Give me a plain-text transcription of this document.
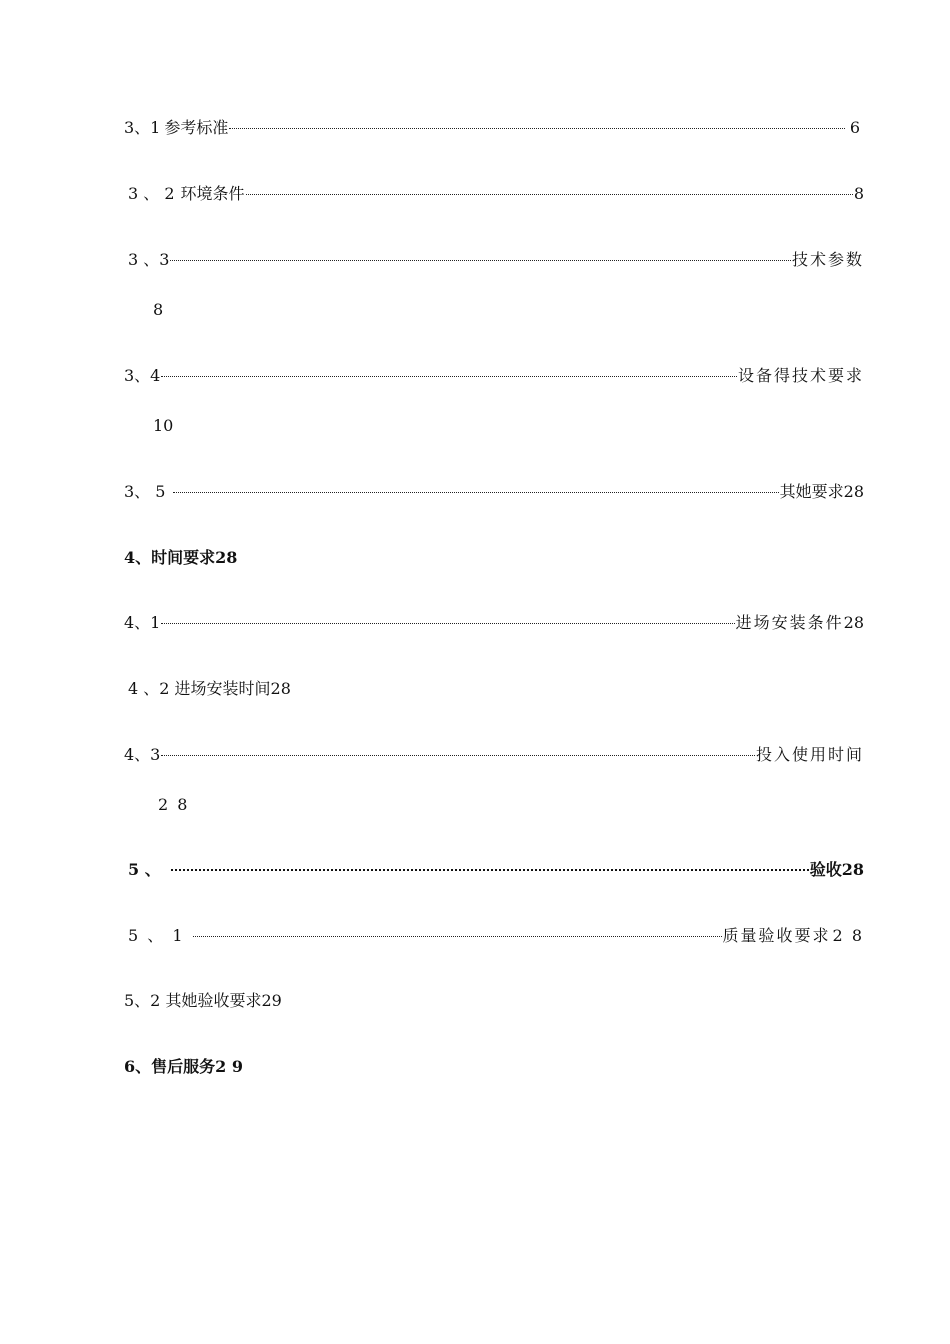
3、1 参考标准	6
3 、 2 环境条件	8
3 、3	技术参数
8
3、4	设备得技术要求
10
3、 5	其她要求 28
4、时间要求28
4、1	进场安装条件 28
4 、2 进场安装时间28
4、3	投入使用时间
2 8
5 、	验收 28
5 、 1	质量验收要求 2 8
5、2 其她验收要求29
6、售后服务2 9
